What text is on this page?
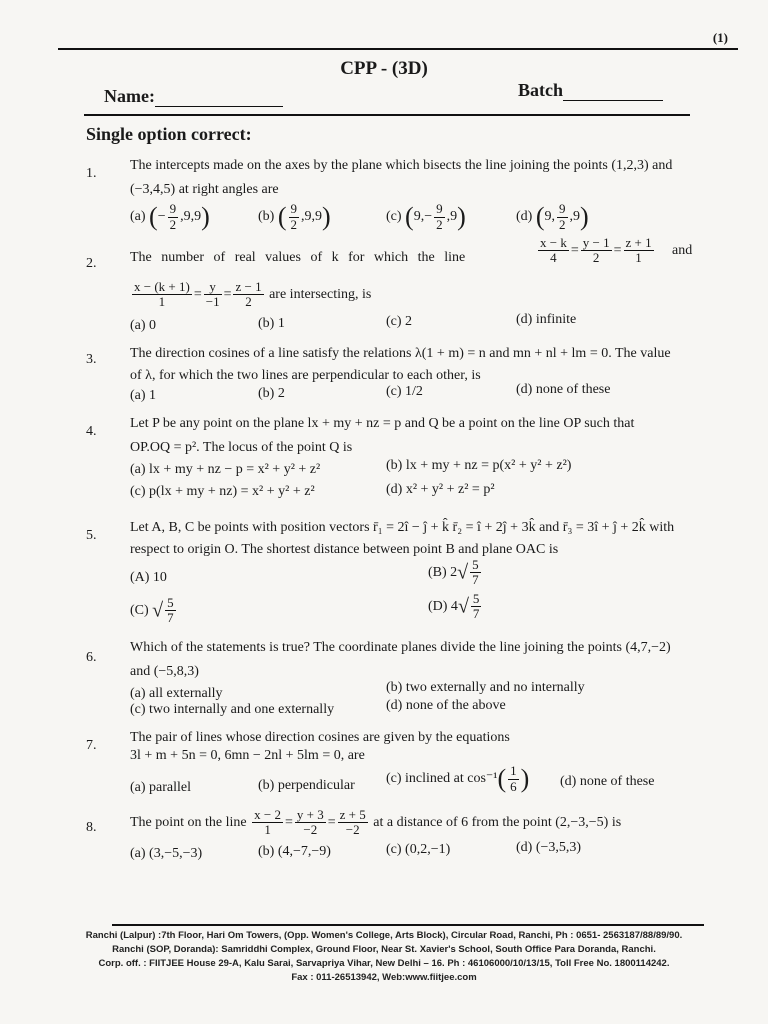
(1)
CPP - (3D)
Name:	Batch
Single option correct:
1.
The intercepts made on the axes by the plane which bisects the line joining the points (1,2,3) and
(−3,4,5) at right angles are
(a) (− $\frac{9}{2} ,9,9$)	(b) ( $\frac{9}{2} ,9,9$)	(c) $(9,- \frac{9}{2} ,9)$	(d) (9, $\frac{9}{2} ,9$)
2. The number of real values of k for which the line	$\frac{x - k}{4} = \frac{y - 1}{2} = \frac{z + 1}{1}$ and
$\frac{x - (k + 1)}{1} = \frac{y}{-1} = \frac{z - 1}{2}$ are intersecting, is
(a) 0	(b) 1	(c) 2	(d) infinite
3. The direction cosines of a line satisfy the relations λ(1 + m) = n and mn + nl + lm = 0. The value
of λ, for which the two lines are perpendicular to each other, is
(a) 1	(b) 2	(c) 1/2	(d) none of these
4.
Let P be any point on the plane lx + my + nz = p and Q be a point on the line OP such that
OP.OQ = p². The locus of the point Q is
(a) lx + my + nz − p = x² + y² + z²	(b) lx + my + nz = p(x² + y² + z²)
(c) p(lx + my + nz) = x² + y² + z²	(d) x² + y² + z² = p²
5.
Let A, B, C be points with position vectors r̄₁ = 2î − ĵ + k̂ r̄₂ = î + 2ĵ + 3k̂ and r̄₃ = 3î + ĵ + 2k̂ with
respect to origin O. The shortest distance between point B and plane OAC is
(A) 10	(B) $2√ \frac{5}{7}$
(C) √ $\frac{5}{7}$	(D) $4√ \frac{5}{7}$
6.
Which of the statements is true? The coordinate planes divide the line joining the points (4,7,−2)
and (−5,8,3)
(a) all externally	(b) two externally and no internally
(c) two internally and one externally	(d) none of the above
7.
The pair of lines whose direction cosines are given by the equations
3l + m + 5n = 0, 6mn − 2nl + 5lm = 0, are
(a) parallel	(b) perpendicular (c) inclined at $\cos^{-1}( \frac{1}{6}$ ) (d) none of these
8. The point on the line $\frac{x - 2}{1} = \frac{y + 3}{-2} = \frac{z + 5}{-2}$ at a distance of 6 from the point (2,−3,−5) is
(a) (3,−5,−3)	(b) (4,−7,−9)	(c) (0,2,−1)	(d) (−3,5,3)
Ranchi (Lalpur) :7th Floor, Hari Om Towers, (Opp. Women's College, Arts Block), Circular Road, Ranchi, Ph : 0651- 2563187/88/89/90.
Ranchi (SOP, Doranda): Samriddhi Complex, Ground Floor, Near St. Xavier's School, South Office Para Doranda, Ranchi.
Corp. off. : FIITJEE House 29-A, Kalu Sarai, Sarvapriya Vihar, New Delhi – 16. Ph : 46106000/10/13/15, Toll Free No. 1800114242.
Fax : 011-26513942, Web:www.fiitjee.com
